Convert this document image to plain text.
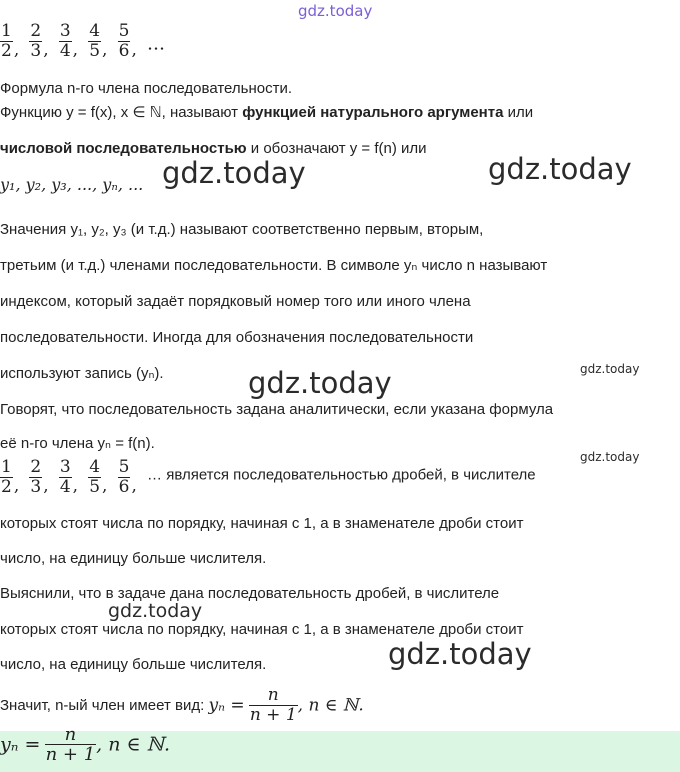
gdz.today
$\frac{1}{2}$ , $\frac{2}{3}$ , $\frac{3}{4}$ , $\frac{4}{5}$ , $\frac{5}{6}$ , …
Формула n-го члена последовательности.
Функцию y = f(x), x ∈ ℕ, называют функцией натурального аргумента или
числовой последовательностью и обозначают y = f(n) или
y₁, y₂, y₃, ..., yₙ, ... gdz.today	gdz.today
Значения y₁, y₂, y₃ (и т.д.) называют соответственно первым, вторым,
третьим (и т.д.) членами последовательности. В символе yₙ число n называют
индексом, который задаёт порядковый номер того или иного члена
последовательности. Иногда для обозначения последовательности
используют запись (yₙ).	gdz.today
gdz.today
Говорят, что последовательность задана аналитически, если указана формула
её n-го члена yₙ = f(n).
gdz.today
$\frac{1}{2}$ , $\frac{2}{3}$ , $\frac{3}{4}$ , $\frac{4}{5}$ , $\frac{5}{6}$ , … является последовательностью дробей, в числителе
которых стоят числа по порядку, начиная с 1, а в знаменателе дроби стоит
число, на единицу больше числителя.
Выяснили, что в задаче дана последовательность дробей, в числителе
gdz.today
которых стоят числа по порядку, начиная с 1, а в знаменателе дроби стоит
число, на единицу больше числителя.	gdz.today
Значит, n-ый член имеет вид: $y_n = \frac{n}{n + 1}$ , n ∈ ℕ.
$y_n = \frac{n}{n + 1}$ , n ∈ ℕ.
